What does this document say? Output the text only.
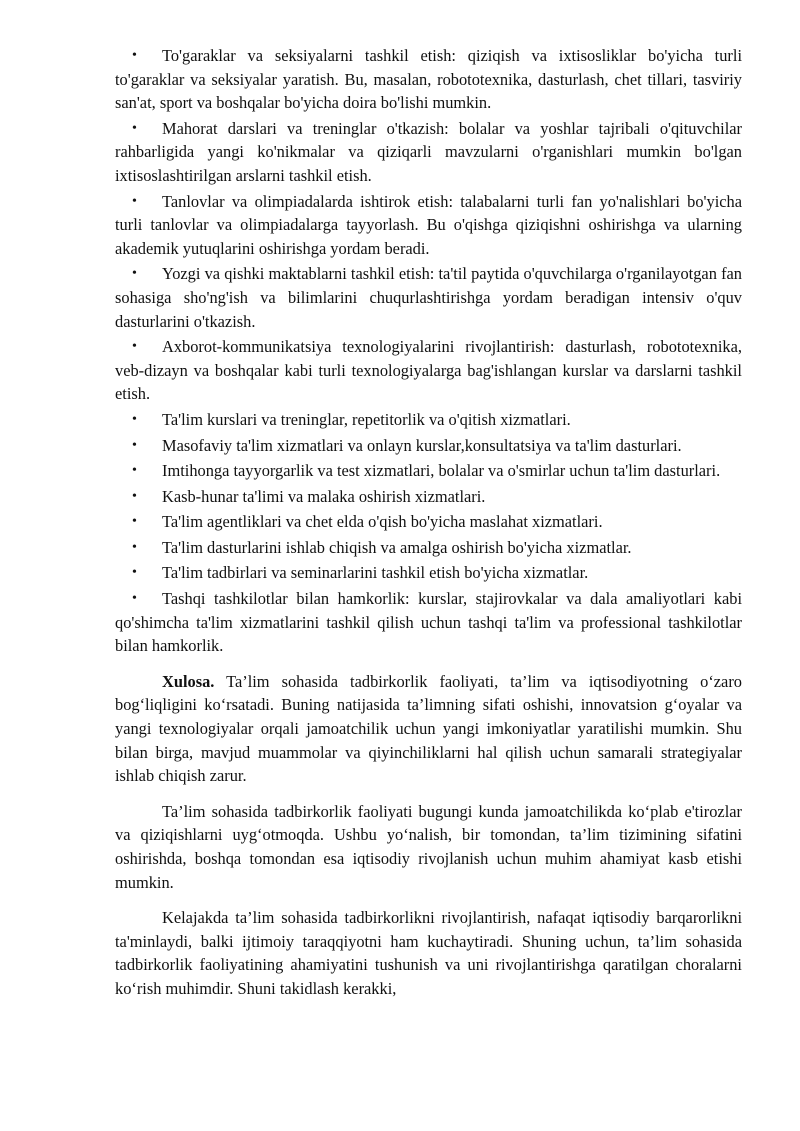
• To'garaklar va seksiyalarni tashkil etish: qiziqish va ixtisosliklar bo'yicha turli to'garaklar va seksiyalar yaratish. Bu, masalan, robototexnika, dasturlash, chet tillari, tasviriy san'at, sport va boshqalar bo'yicha doira bo'lishi mumkin.
• Mahorat darslari va treninglar o'tkazish: bolalar va yoshlar tajribali o'qituvchilar rahbarligida yangi ko'nikmalar va qiziqarli mavzularni o'rganishlari mumkin bo'lgan ixtisoslashtirilgan arslarni tashkil etish.
• Tanlovlar va olimpiadalarda ishtirok etish: talabalarni turli fan yo'nalishlari bo'yicha turli tanlovlar va olimpiadalarga tayyorlash. Bu o'qishga qiziqishni oshirishga va ularning akademik yutuqlarini oshirishga yordam beradi.
• Yozgi va qishki maktablarni tashkil etish: ta'til paytida o'quvchilarga o'rganilayotgan fan sohasiga sho'ng'ish va bilimlarini chuqurlashtirishga yordam beradigan intensiv o'quv dasturlarini o'tkazish.
• Axborot-kommunikatsiya texnologiyalarini rivojlantirish: dasturlash, robototexnika, veb-dizayn va boshqalar kabi turli texnologiyalarga bag'ishlangan kurslar va darslarni tashkil etish.
• Ta'lim kurslari va treninglar, repetitorlik va o'qitish xizmatlari.
• Masofaviy ta'lim xizmatlari va onlayn kurslar,konsultatsiya va ta'lim dasturlari.
• Imtihonga tayyorgarlik va test xizmatlari, bolalar va o'smirlar uchun ta'lim dasturlari.
• Kasb-hunar ta'limi va malaka oshirish xizmatlari.
• Ta'lim agentliklari va chet elda o'qish bo'yicha maslahat xizmatlari.
• Ta'lim dasturlarini ishlab chiqish va amalga oshirish bo'yicha xizmatlar.
• Ta'lim tadbirlari va seminarlarini tashkil etish bo'yicha xizmatlar.
• Tashqi tashkilotlar bilan hamkorlik: kurslar, stajirovkalar va dala amaliyotlari kabi qo'shimcha ta'lim xizmatlarini tashkil qilish uchun tashqi ta'lim va professional tashkilotlar bilan hamkorlik.

Xulosa. Ta’lim sohasida tadbirkorlik faoliyati, ta’lim va iqtisodiyotning o‘zaro bog‘liqligini ko‘rsatadi. Buning natijasida ta’limning sifati oshishi, innovatsion g‘oyalar va yangi texnologiyalar orqali jamoatchilik uchun yangi imkoniyatlar yaratilishi mumkin. Shu bilan birga, mavjud muammolar va qiyinchiliklarni hal qilish uchun samarali strategiyalar ishlab chiqish zarur.

Ta’lim sohasida tadbirkorlik faoliyati bugungi kunda jamoatchilikda ko‘plab e'tirozlar va qiziqishlarni uyg‘otmoqda. Ushbu yo‘nalish, bir tomondan, ta’lim tizimining sifatini oshirishda, boshqa tomondan esa iqtisodiy rivojlanish uchun muhim ahamiyat kasb etishi mumkin.

Kelajakda ta’lim sohasida tadbirkorlikni rivojlantirish, nafaqat iqtisodiy barqarorlikni ta'minlaydi, balki ijtimoiy taraqqiyotni ham kuchaytiradi. Shuning uchun, ta’lim sohasida tadbirkorlik faoliyatining ahamiyatini tushunish va uni rivojlantirishga qaratilgan choralarni ko‘rish muhimdir. Shuni takidlash kerakki,
